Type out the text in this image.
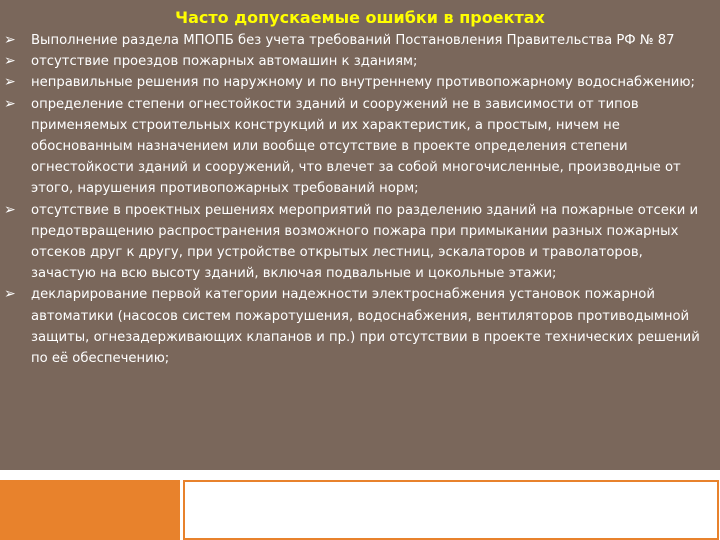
Часто допускаемые ошибки в проектах
➢
Выполнение раздела МПОПБ без учета требований Постановления Правительства РФ № 87
➢
отсутствие проездов пожарных автомашин к зданиям;
➢
неправильные решения по наружному и по внутреннему противопожарному водоснабжению;
➢
определение степени огнестойкости зданий и сооружений не в зависимости от типов применяемых строительных конструкций и их характеристик, а простым, ничем не обоснованным назначением или вообще отсутствие в проекте определения степени огнестойкости зданий и сооружений, что влечет за собой многочисленные, производные от этого, нарушения противопожарных требований норм;
➢
отсутствие в проектных решениях мероприятий по разделению зданий на пожарные отсеки и предотвращению распространения возможного пожара при примыкании разных пожарных отсеков друг к другу, при устройстве открытых лестниц, эскалаторов и траволаторов, зачастую на всю высоту зданий, включая подвальные и цокольные этажи;
➢
декларирование первой категории надежности электроснабжения установок пожарной автоматики (насосов систем пожаротушения, водоснабжения, вентиляторов противодымной защиты, огнезадерживающих клапанов и пр.) при отсутствии в проекте технических решений по её обеспечению;
